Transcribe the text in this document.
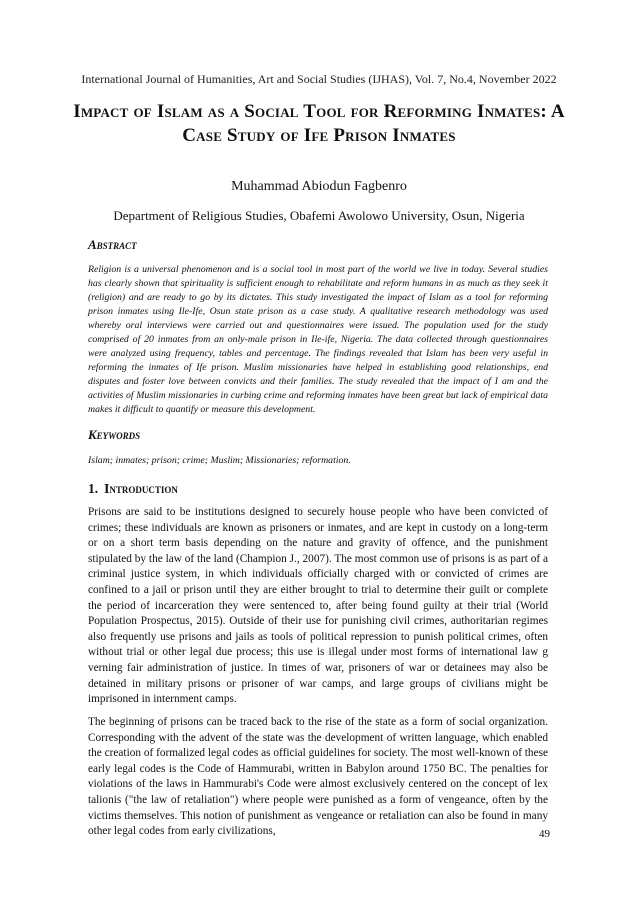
International Journal of Humanities, Art and Social Studies (IJHAS), Vol. 7, No.4, November 2022
Impact of Islam as a Social Tool for Reforming Inmates: A Case Study of Ife Prison Inmates
Muhammad Abiodun Fagbenro
Department of Religious Studies, Obafemi Awolowo University, Osun, Nigeria
Abstract

Religion is a universal phenomenon and is a social tool in most part of the world we live in today. Several studies has clearly shown that spirituality is sufficient enough to rehabilitate and reform humans in as much as they seek it (religion) and are ready to go by its dictates. This study investigated the impact of Islam as a tool for reforming prison inmates using Ile-Ife, Osun state prison as a case study. A qualitative research methodology was used whereby oral interviews were carried out and questionnaires were issued. The population used for the study comprised of 20 inmates from an only-male prison in Ile-ife, Nigeria. The data collected through questionnaires were analyzed using frequency, tables and percentage. The findings revealed that Islam has been very useful in reforming the inmates of Ife prison. Muslim missionaries have helped in establishing good relationships, end disputes and foster love between convicts and their families. The study revealed that the impact of I am and the activities of Muslim missionaries in curbing crime and reforming inmates have been great but lack of empirical data makes it difficult to quantify or measure this development.

Keywords

Islam; inmates; prison; crime; Muslim; Missionaries; reformation.

1. Introduction

Prisons are said to be institutions designed to securely house people who have been convicted of crimes; these individuals are known as prisoners or inmates, and are kept in custody on a long-term or on a short term basis depending on the nature and gravity of offence, and the punishment stipulated by the law of the land (Champion J., 2007). The most common use of prisons is as part of a criminal justice system, in which individuals officially charged with or convicted of crimes are confined to a jail or prison until they are either brought to trial to determine their guilt or complete the period of incarceration they were sentenced to, after being found guilty at their trial (World Population Prospectus, 2015). Outside of their use for punishing civil crimes, authoritarian regimes also frequently use prisons and jails as tools of political repression to punish political crimes, often without trial or other legal due process; this use is illegal under most forms of international law g verning fair administration of justice. In times of war, prisoners of war or detainees may also be detained in military prisons or prisoner of war camps, and large groups of civilians might be imprisoned in internment camps.

The beginning of prisons can be traced back to the rise of the state as a form of social organization. Corresponding with the advent of the state was the development of written language, which enabled the creation of formalized legal codes as official guidelines for society. The most well-known of these early legal codes is the Code of Hammurabi, written in Babylon around 1750 BC. The penalties for violations of the laws in Hammurabi's Code were almost exclusively centered on the concept of lex talionis ("the law of retaliation") where people were punished as a form of vengeance, often by the victims themselves. This notion of punishment as vengeance or retaliation can also be found in many other legal codes from early civilizations,	49
